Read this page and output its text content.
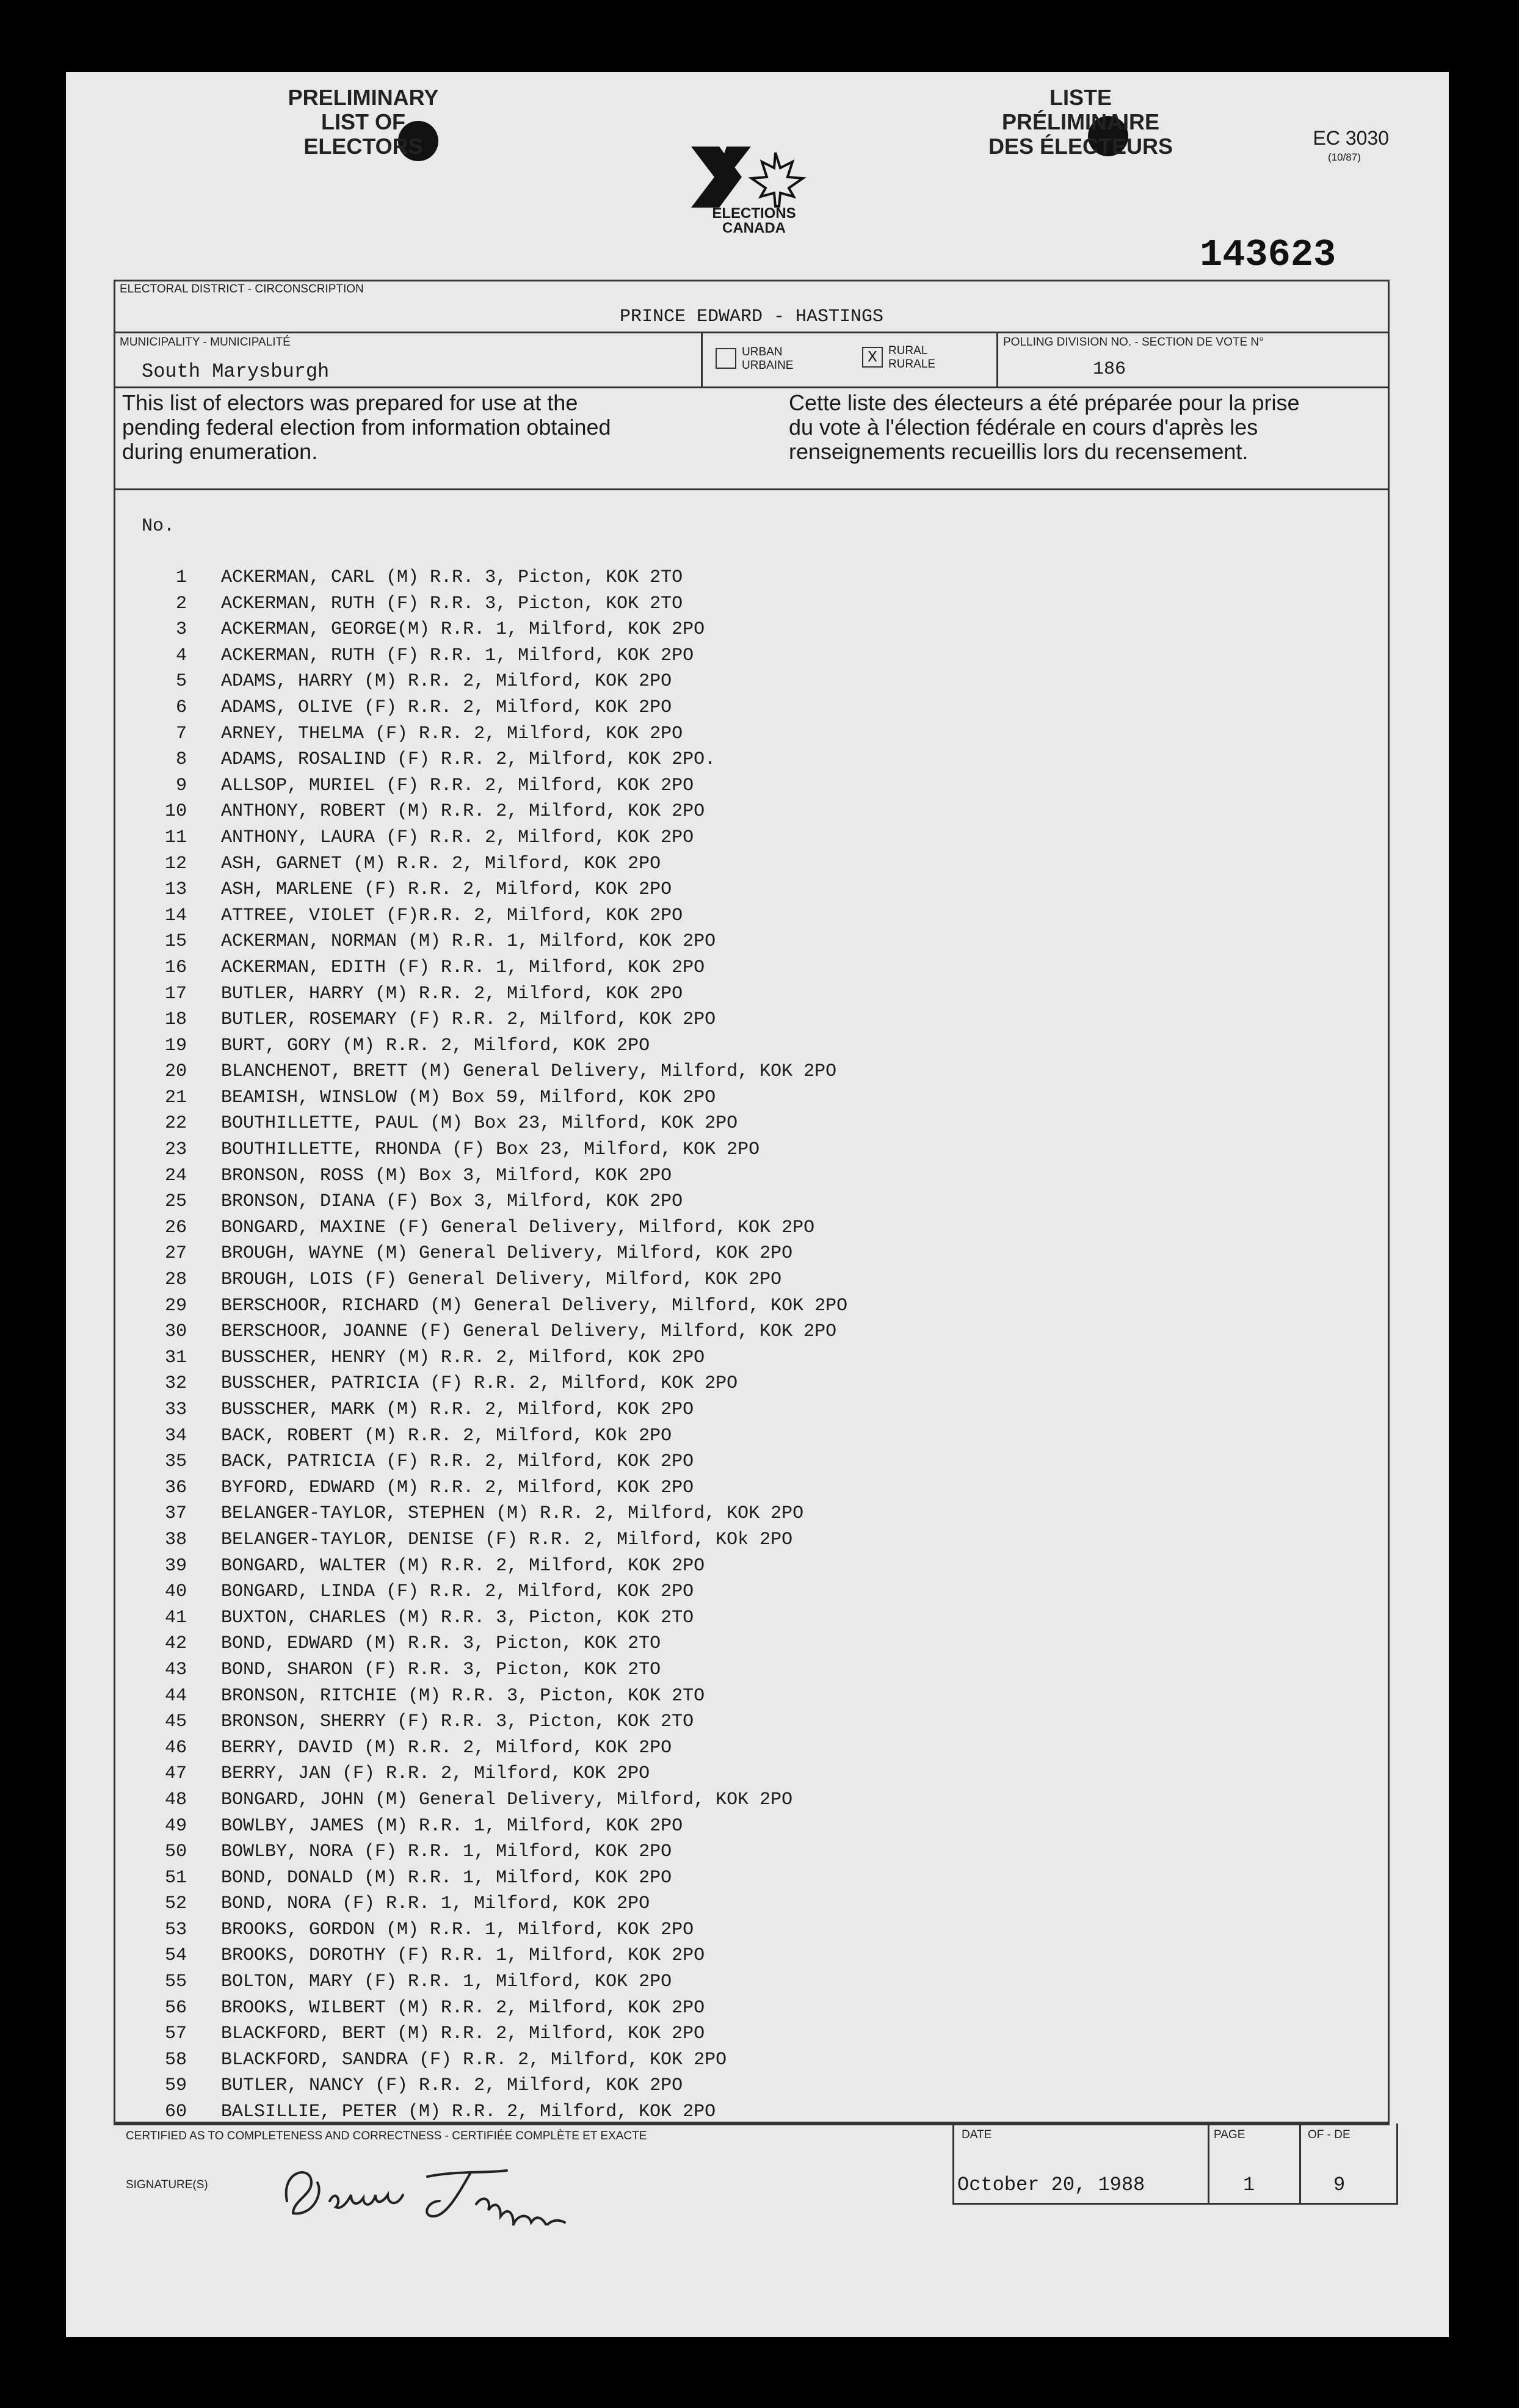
PRELIMINARY
LIST OF
ELECTORS
ELECTIONS
CANADA
LISTE
PRÉLIMINAIRE
DES ÉLECTEURS	EC 3030
(10/87)
143623
ELECTORAL DISTRICT - CIRCONSCRIPTION
PRINCE EDWARD - HASTINGS
MUNICIPALITY - MUNICIPALITÉ
South Marysburgh
URBAN
URBAINE	X RURAL
RURALE
POLLING DIVISION NO. - SECTION DE VOTE N°
186
This list of electors was prepared for use at the
pending federal election from information obtained
during enumeration.
Cette liste des électeurs a été préparée pour la prise
du vote à l'élection fédérale en cours d'après les
renseignements recueillis lors du recensement.
No.
1 ACKERMAN, CARL (M) R.R. 3, Picton, KOK 2TO
2 ACKERMAN, RUTH (F) R.R. 3, Picton, KOK 2TO
3 ACKERMAN, GEORGE(M) R.R. 1, Milford, KOK 2PO
4 ACKERMAN, RUTH (F) R.R. 1, Milford, KOK 2PO
5 ADAMS, HARRY (M) R.R. 2, Milford, KOK 2PO
6 ADAMS, OLIVE (F) R.R. 2, Milford, KOK 2PO
7 ARNEY, THELMA (F) R.R. 2, Milford, KOK 2PO
8 ADAMS, ROSALIND (F) R.R. 2, Milford, KOK 2PO.
9 ALLSOP, MURIEL (F) R.R. 2, Milford, KOK 2PO
10 ANTHONY, ROBERT (M) R.R. 2, Milford, KOK 2PO
11 ANTHONY, LAURA (F) R.R. 2, Milford, KOK 2PO
12 ASH, GARNET (M) R.R. 2, Milford, KOK 2PO
13 ASH, MARLENE (F) R.R. 2, Milford, KOK 2PO
14 ATTREE, VIOLET (F)R.R. 2, Milford, KOK 2PO
15 ACKERMAN, NORMAN (M) R.R. 1, Milford, KOK 2PO
16 ACKERMAN, EDITH (F) R.R. 1, Milford, KOK 2PO
17 BUTLER, HARRY (M) R.R. 2, Milford, KOK 2PO
18 BUTLER, ROSEMARY (F) R.R. 2, Milford, KOK 2PO
19 BURT, GORY (M) R.R. 2, Milford, KOK 2PO
20 BLANCHENOT, BRETT (M) General Delivery, Milford, KOK 2PO
21 BEAMISH, WINSLOW (M) Box 59, Milford, KOK 2PO
22 BOUTHILLETTE, PAUL (M) Box 23, Milford, KOK 2PO
23 BOUTHILLETTE, RHONDA (F) Box 23, Milford, KOK 2PO
24 BRONSON, ROSS (M) Box 3, Milford, KOK 2PO
25 BRONSON, DIANA (F) Box 3, Milford, KOK 2PO
26 BONGARD, MAXINE (F) General Delivery, Milford, KOK 2PO
27 BROUGH, WAYNE (M) General Delivery, Milford, KOK 2PO
28 BROUGH, LOIS (F) General Delivery, Milford, KOK 2PO
29 BERSCHOOR, RICHARD (M) General Delivery, Milford, KOK 2PO
30 BERSCHOOR, JOANNE (F) General Delivery, Milford, KOK 2PO
31 BUSSCHER, HENRY (M) R.R. 2, Milford, KOK 2PO
32 BUSSCHER, PATRICIA (F) R.R. 2, Milford, KOK 2PO
33 BUSSCHER, MARK (M) R.R. 2, Milford, KOK 2PO
34 BACK, ROBERT (M) R.R. 2, Milford, KOk 2PO
35 BACK, PATRICIA (F) R.R. 2, Milford, KOK 2PO
36 BYFORD, EDWARD (M) R.R. 2, Milford, KOK 2PO
37 BELANGER-TAYLOR, STEPHEN (M) R.R. 2, Milford, KOK 2PO
38 BELANGER-TAYLOR, DENISE (F) R.R. 2, Milford, KOk 2PO
39 BONGARD, WALTER (M) R.R. 2, Milford, KOK 2PO
40 BONGARD, LINDA (F) R.R. 2, Milford, KOK 2PO
41 BUXTON, CHARLES (M) R.R. 3, Picton, KOK 2TO
42 BOND, EDWARD (M) R.R. 3, Picton, KOK 2TO
43 BOND, SHARON (F) R.R. 3, Picton, KOK 2TO
44 BRONSON, RITCHIE (M) R.R. 3, Picton, KOK 2TO
45 BRONSON, SHERRY (F) R.R. 3, Picton, KOK 2TO
46 BERRY, DAVID (M) R.R. 2, Milford, KOK 2PO
47 BERRY, JAN (F) R.R. 2, Milford, KOK 2PO
48 BONGARD, JOHN (M) General Delivery, Milford, KOK 2PO
49 BOWLBY, JAMES (M) R.R. 1, Milford, KOK 2PO
50 BOWLBY, NORA (F) R.R. 1, Milford, KOK 2PO
51 BOND, DONALD (M) R.R. 1, Milford, KOK 2PO
52 BOND, NORA (F) R.R. 1, Milford, KOK 2PO
53 BROOKS, GORDON (M) R.R. 1, Milford, KOK 2PO
54 BROOKS, DOROTHY (F) R.R. 1, Milford, KOK 2PO
55 BOLTON, MARY (F) R.R. 1, Milford, KOK 2PO
56 BROOKS, WILBERT (M) R.R. 2, Milford, KOK 2PO
57 BLACKFORD, BERT (M) R.R. 2, Milford, KOK 2PO
58 BLACKFORD, SANDRA (F) R.R. 2, Milford, KOK 2PO
59 BUTLER, NANCY (F) R.R. 2, Milford, KOK 2PO
60 BALSILLIE, PETER (M) R.R. 2, Milford, KOK 2PO
CERTIFIED AS TO COMPLETENESS AND CORRECTNESS - CERTIFIÉE COMPLÈTE ET EXACTE
SIGNATURE(S)
DATE
October 20, 1988
PAGE
1
OF - DE
9
